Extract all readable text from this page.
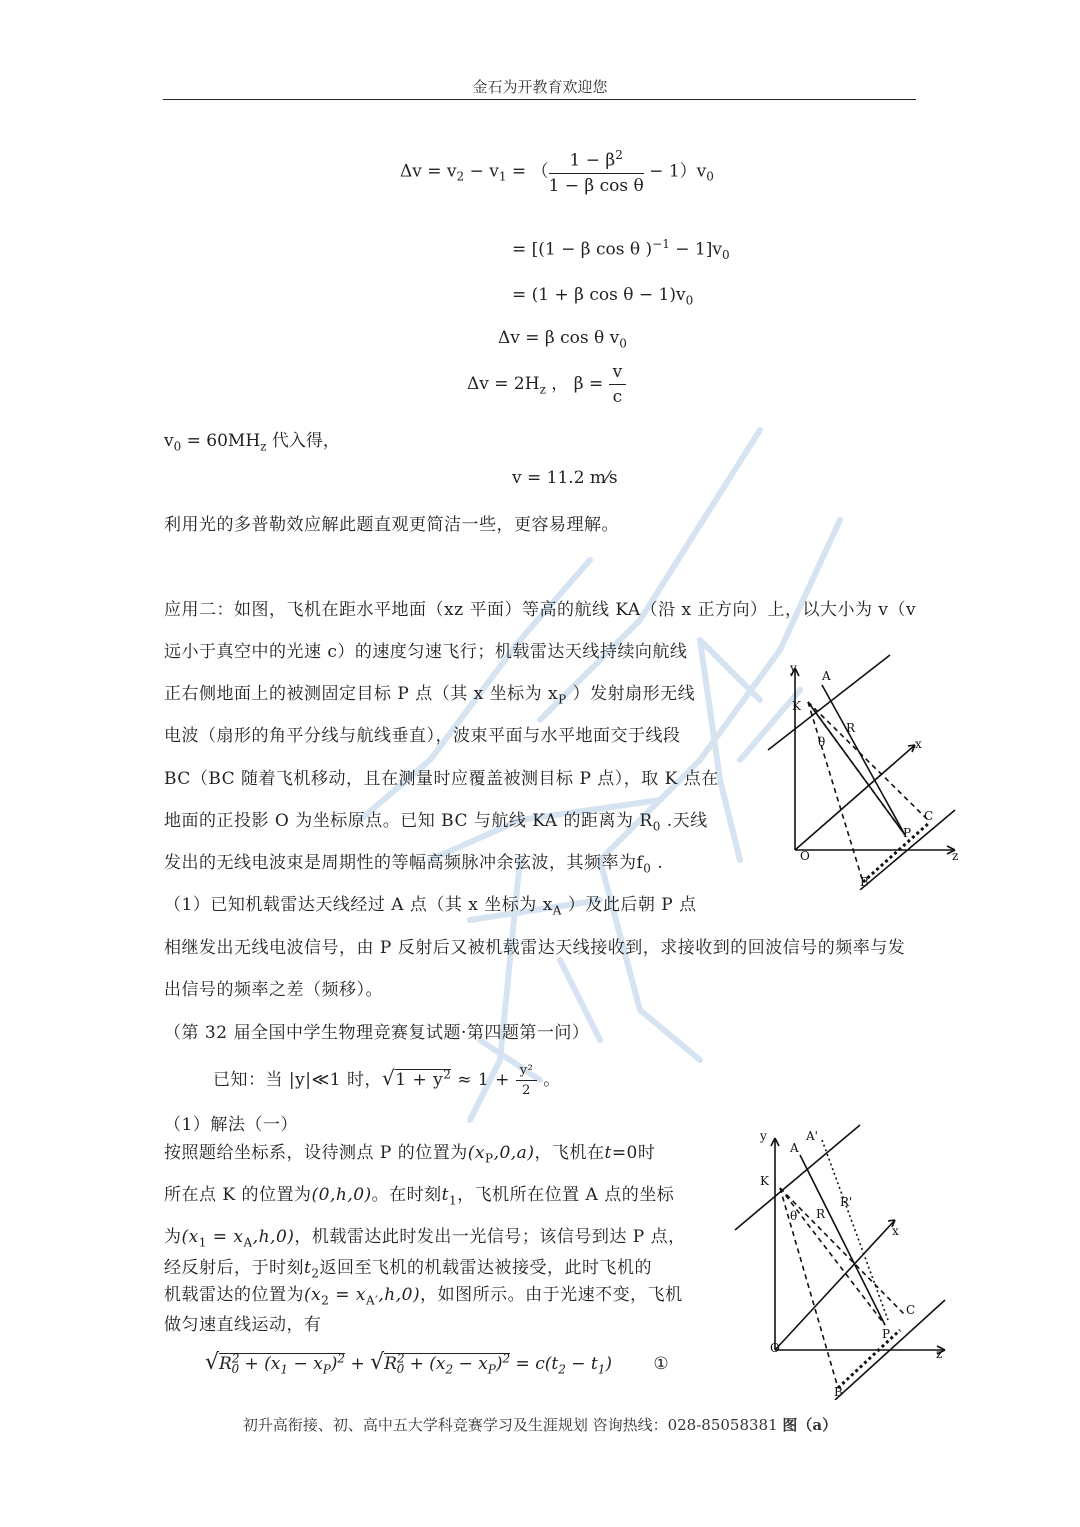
金石为开教育欢迎您
$\Delta v = v_2 - v_1$ = （ $\frac{1 - \beta^2}{\text{1 − β cos θ}} - 1)v_0$
= [(1 − β cos θ )$^{-1} - 1]v_0$
= (1 + β $\cos \theta - 1)v_0$
Δv = β cos θ $v_0$
$\Delta v = 2H_z$ ， $\beta = \frac{v}{c}$
$v_0 = 60MH_z$ 代入得，
v = 11.2 m⁄s
利用光的多普勒效应解此题直观更简洁一些，更容易理解。
应用二：如图，飞机在距水平地面（xz 平面）等高的航线 KA（沿 x 正方向）上，以大小为 v（v
远小于真空中的光速 c）的速度匀速飞行；机载雷达天线持续向航线
正右侧地面上的被测固定目标 P 点（其 x 坐标为 $x_P$ ）发射扇形无线
电波（扇形的角平分线与航线垂直），波束平面与水平地面交于线段
BC（BC 随着飞机移动，且在测量时应覆盖被测目标 P 点），取 K 点在
地面的正投影 O 为坐标原点。已知 BC 与航线 KA 的距离为 $R_0$ .天线
发出的无线电波束是周期性的等幅高频脉冲余弦波，其频率为$f_0$ .
（1）已知机载雷达天线经过 A 点（其 x 坐标为 $x_A$ ）及此后朝 P 点
相继发出无线电波信号，由 P 反射后又被机载雷达天线接收到，求接收到的回波信号的频率与发
出信号的频率之差（频移）。
（第 32 届全国中学生物理竞赛复试题·第四题第一问）
已知：当 |y|≪1 时，$√1 + y^2 \approx 1 + \frac{\text{y²}}{2}$ 。
（1）解法（一）
按照题给坐标系，设待测点 P 的位置为$(x_P,0,a)$，飞机在t=0时
所在点 K 的位置为(0,h,0)。在时刻$t_1$，飞机所在位置 A 点的坐标
为$(x_1 = x_A,h,0)$，机载雷达此时发出一光信号；该信号到达 P 点，
经反射后，于时刻$t_2$返回至飞机的机载雷达被接受，此时飞机的
机载雷达的位置为$(x_2 = x_{A'},h,0)$，如图所示。由于光速不变，飞机
做匀速直线运动，有
$√R^2_0 + (x_1 - x_P)^2 + √R^2_0 + (x_2 - x_P)^2 = c(t_2 - t_1)$ ①
y
A
K
θ
R
x
C
P
O	z
B
y
A
A'
K
θ R
R'
x
C
P
O	z
B
初升高衔接、初、高中五大学科竞赛学习及生涯规划 咨询热线：028-85058381 图（a）
